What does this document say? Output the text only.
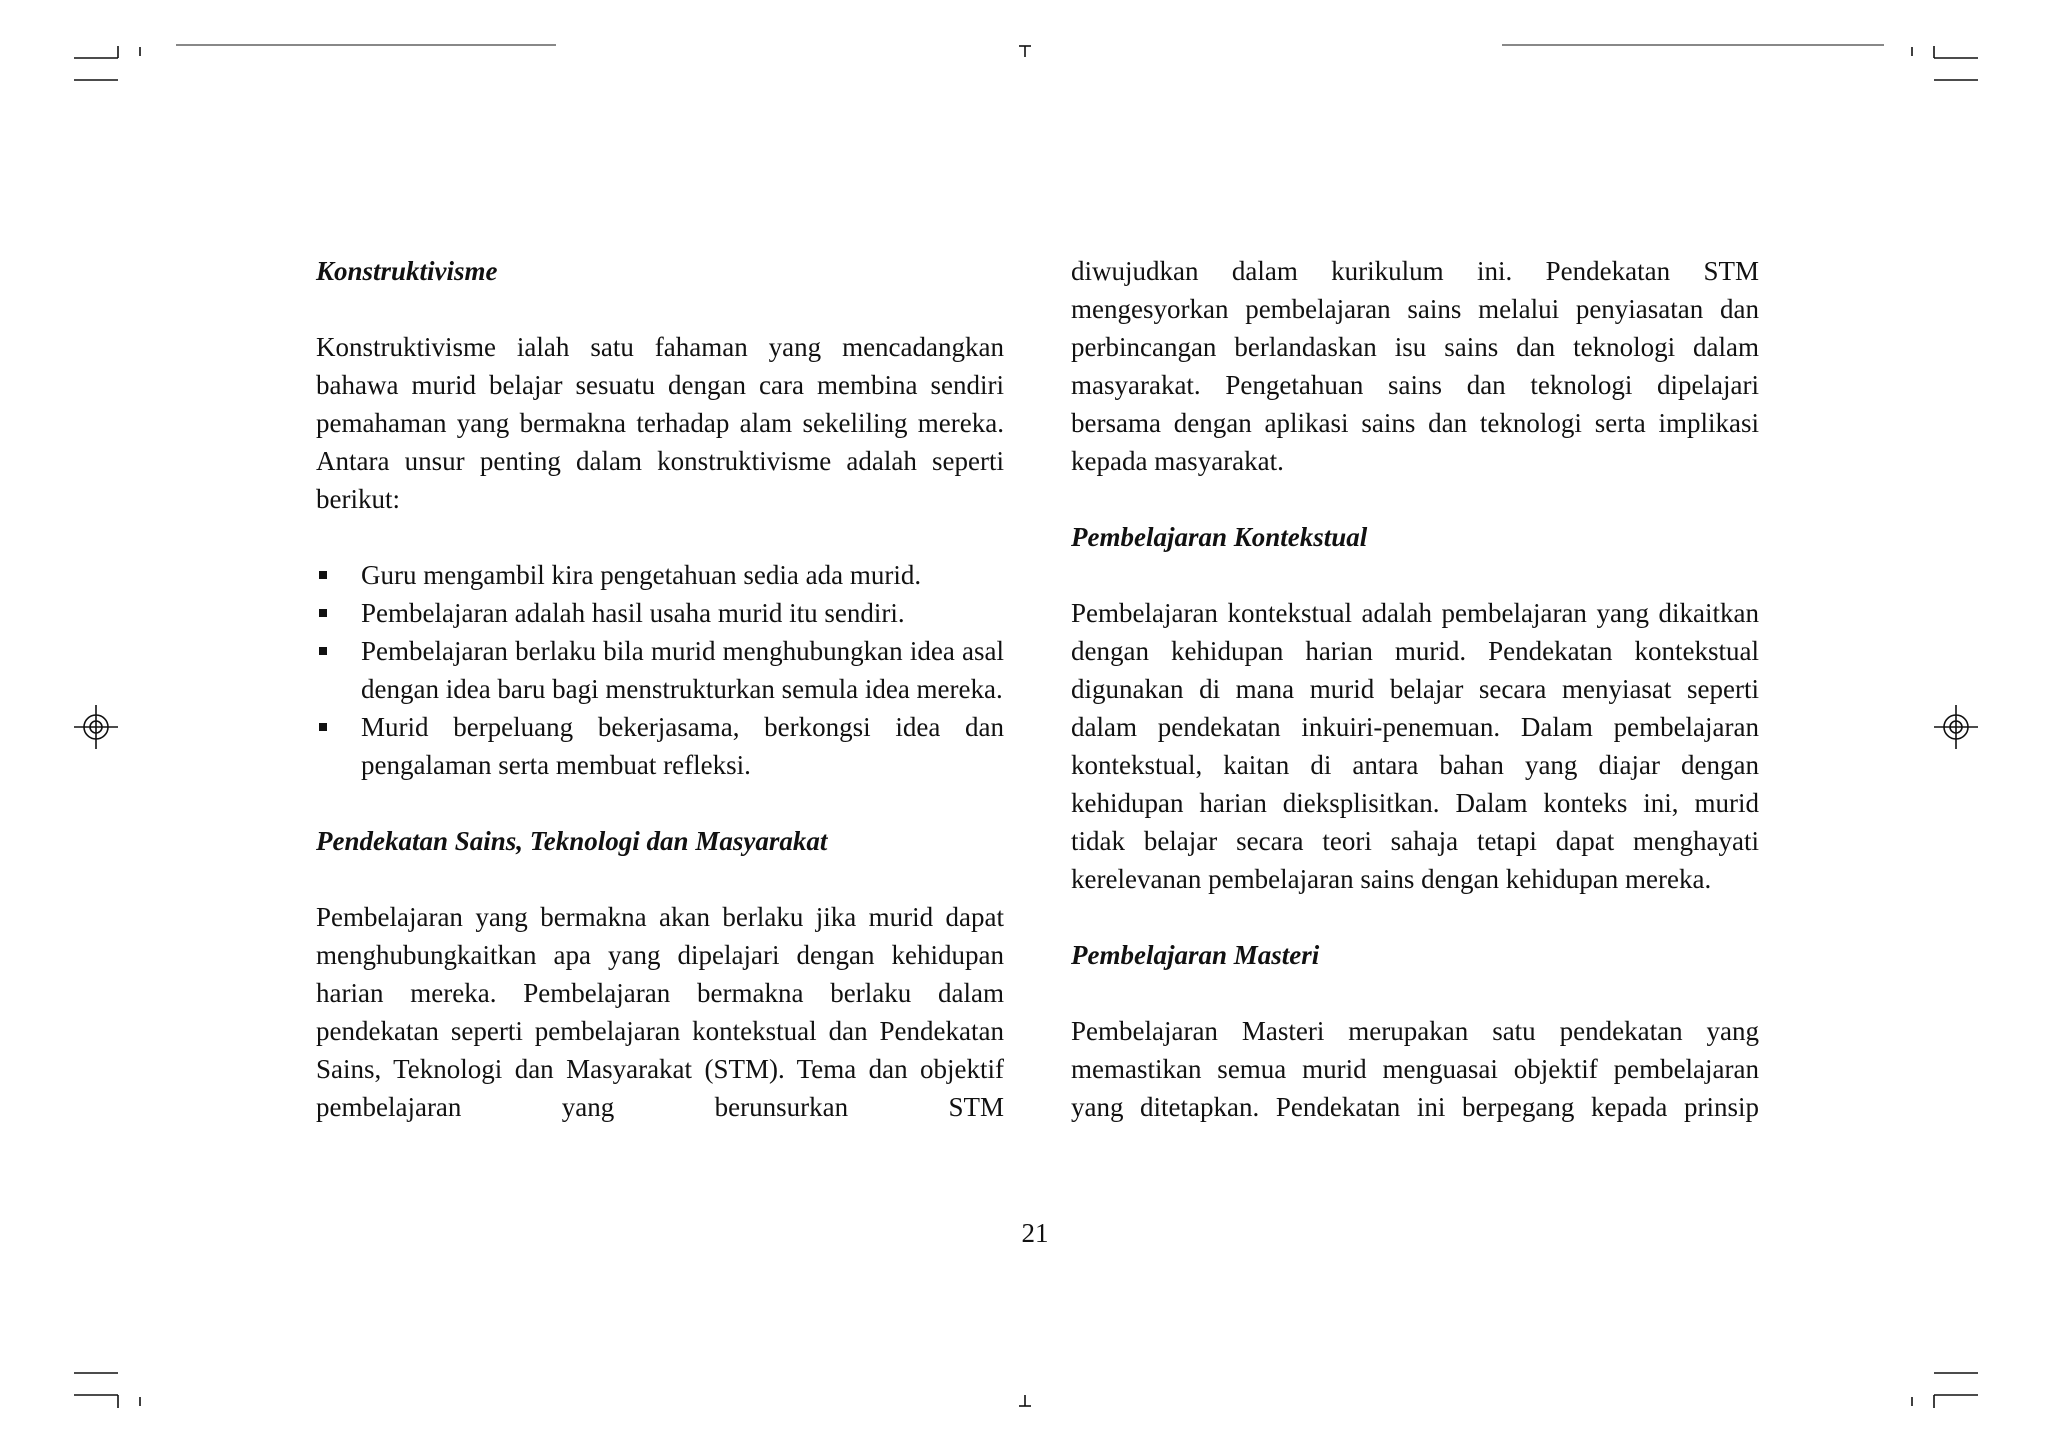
Konstruktivisme

Konstruktivisme ialah satu fahaman yang mencadangkan bahawa murid belajar sesuatu dengan cara membina sendiri pemahaman yang bermakna terhadap alam sekeliling mereka. Antara unsur penting dalam konstruktivisme adalah seperti berikut:

Guru mengambil kira pengetahuan sedia ada murid.
Pembelajaran adalah hasil usaha murid itu sendiri.
Pembelajaran berlaku bila murid menghubungkan idea asal dengan idea baru bagi menstrukturkan semula idea mereka.
Murid berpeluang bekerjasama, berkongsi idea dan pengalaman serta membuat refleksi.
Pendekatan Sains, Teknologi dan Masyarakat

Pembelajaran yang bermakna akan berlaku jika murid dapat menghubungkaitkan apa yang dipelajari dengan kehidupan harian mereka. Pembelajaran bermakna berlaku dalam pendekatan seperti pembelajaran kontekstual dan Pendekatan Sains, Teknologi dan Masyarakat (STM). Tema dan objektif pembelajaran yang berunsurkan STM

diwujudkan dalam kurikulum ini. Pendekatan STM mengesyorkan pembelajaran sains melalui penyiasatan dan perbincangan berlandaskan isu sains dan teknologi dalam masyarakat. Pengetahuan sains dan teknologi dipelajari bersama dengan aplikasi sains dan teknologi serta implikasi kepada masyarakat.

Pembelajaran Kontekstual

Pembelajaran kontekstual adalah pembelajaran yang dikaitkan dengan kehidupan harian murid. Pendekatan kontekstual digunakan di mana murid belajar secara menyiasat seperti dalam pendekatan inkuiri-penemuan. Dalam pembelajaran kontekstual, kaitan di antara bahan yang diajar dengan kehidupan harian dieksplisitkan. Dalam konteks ini, murid tidak belajar secara teori sahaja tetapi dapat menghayati kerelevanan pembelajaran sains dengan kehidupan mereka.

Pembelajaran Masteri

Pembelajaran Masteri merupakan satu pendekatan yang memastikan semua murid menguasai objektif pembelajaran yang ditetapkan. Pendekatan ini berpegang kepada prinsip

21
